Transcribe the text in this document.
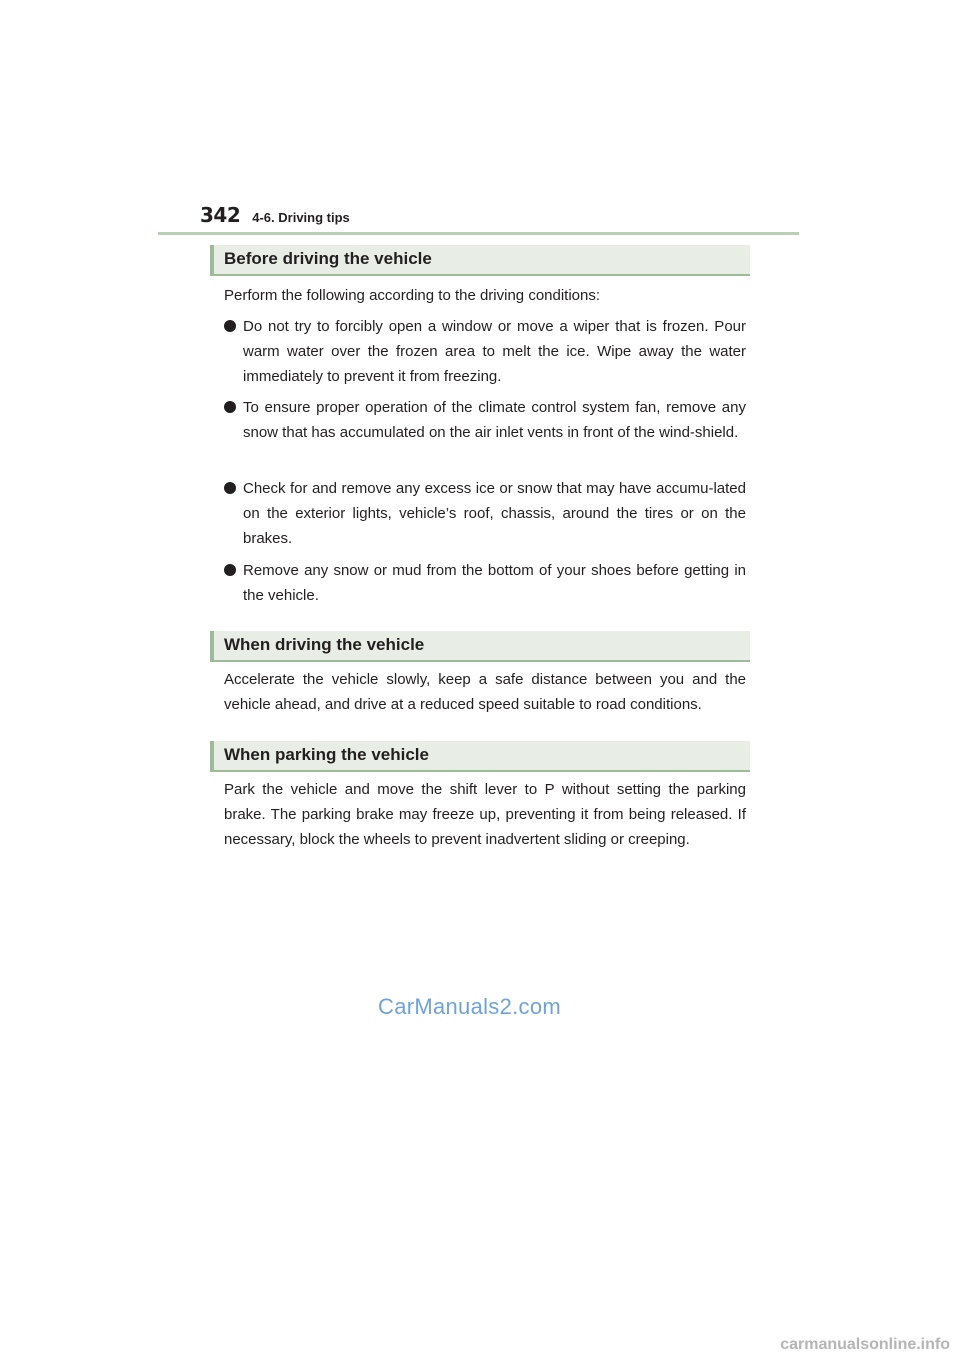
342 4-6. Driving tips
Before driving the vehicle

Perform the following according to the driving conditions:

Do not try to forcibly open a window or move a wiper that is frozen. Pour warm water over the frozen area to melt the ice. Wipe away the water immediately to prevent it from freezing.
To ensure proper operation of the climate control system fan, remove any snow that has accumulated on the air inlet vents in front of the wind-shield.
Check for and remove any excess ice or snow that may have accumu-lated on the exterior lights, vehicle’s roof, chassis, around the tires or on the brakes.
Remove any snow or mud from the bottom of your shoes before getting in the vehicle.
When driving the vehicle

Accelerate the vehicle slowly, keep a safe distance between you and the vehicle ahead, and drive at a reduced speed suitable to road conditions.

When parking the vehicle

Park the vehicle and move the shift lever to P without setting the parking brake. The parking brake may freeze up, preventing it from being released. If necessary, block the wheels to prevent inadvertent sliding or creeping.

CarManuals2.com
carmanualsonline.info
